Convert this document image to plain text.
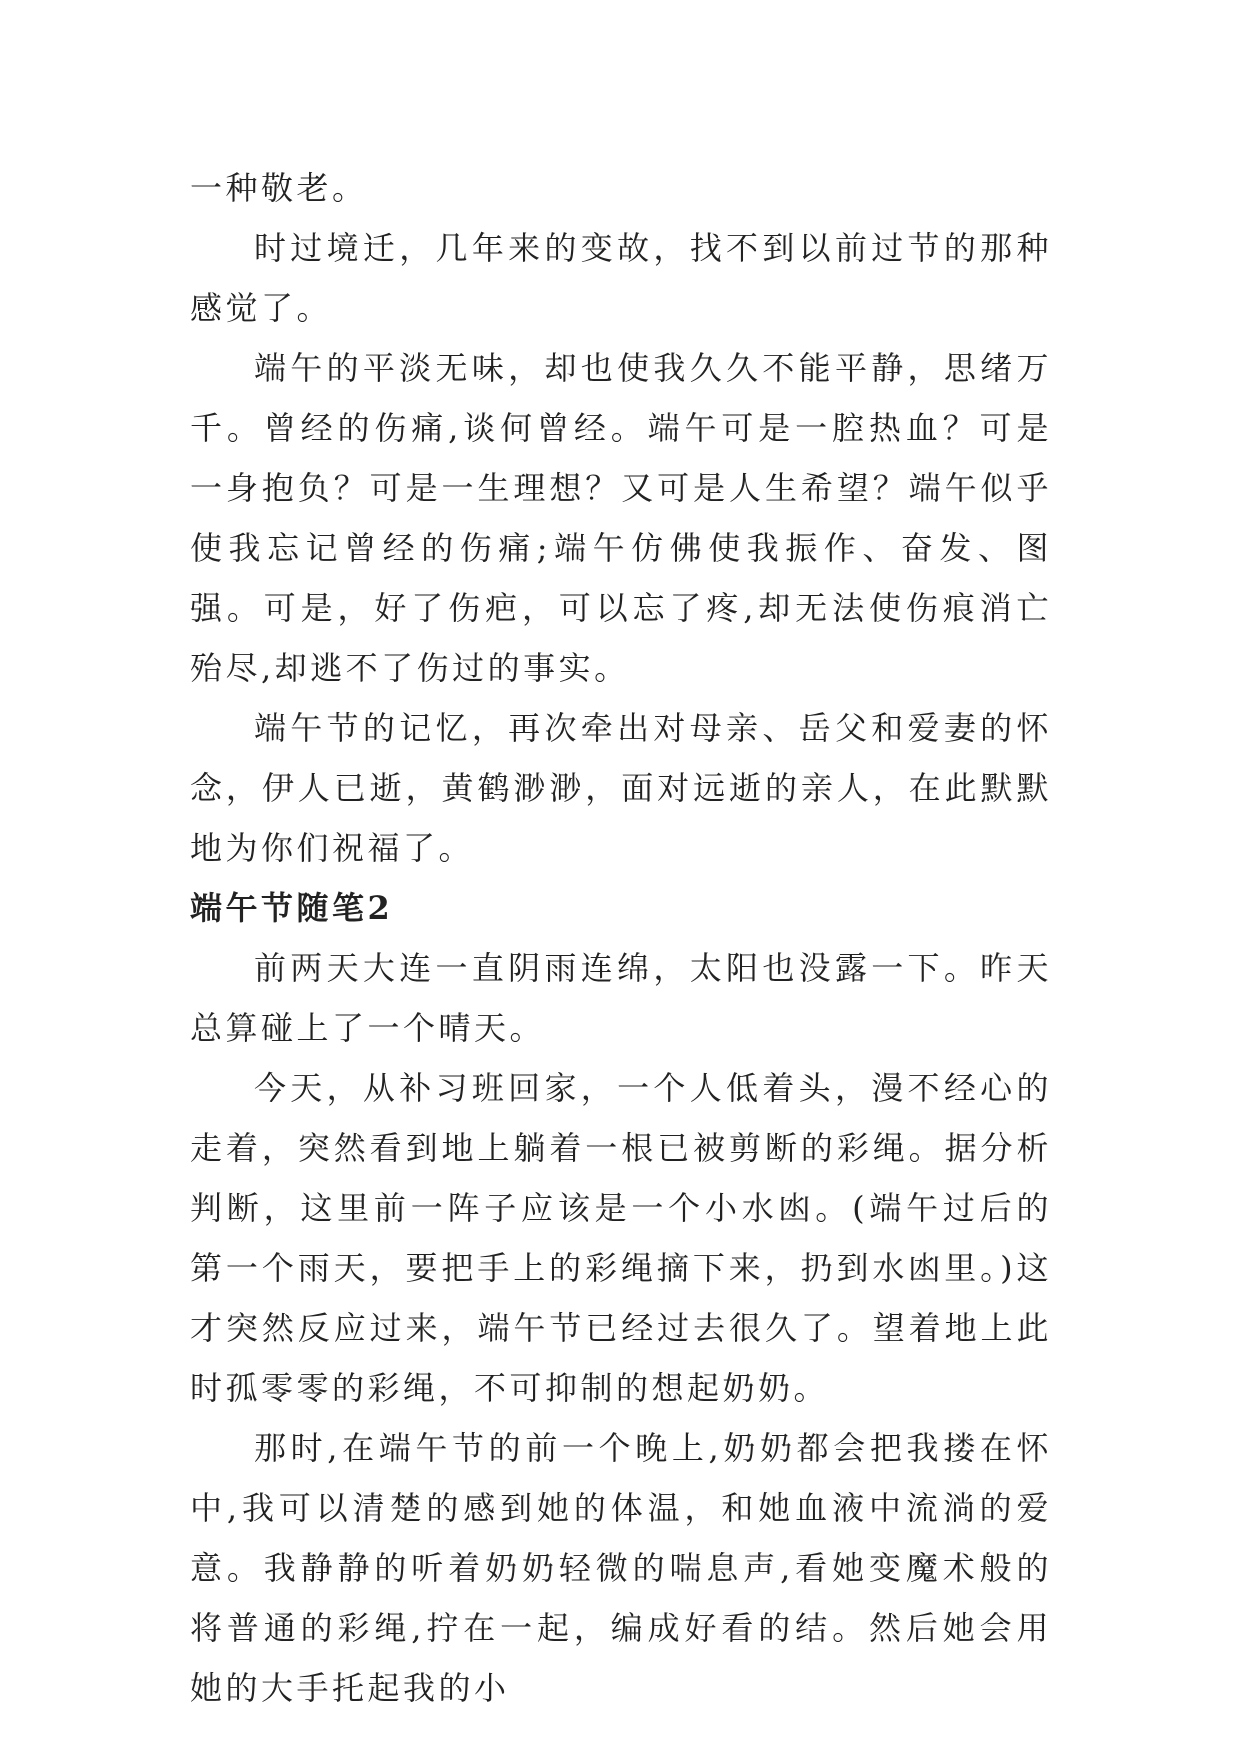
一种敬老。

时过境迁，几年来的变故，找不到以前过节的那种感觉了。

端午的平淡无味，却也使我久久不能平静，思绪万千。曾经的伤痛,谈何曾经。端午可是一腔热血？可是一身抱负？可是一生理想？又可是人生希望？端午似乎使我忘记曾经的伤痛;端午仿佛使我振作、奋发、图强。可是，好了伤疤，可以忘了疼,却无法使伤痕消亡殆尽,却逃不了伤过的事实。

端午节的记忆，再次牵出对母亲、岳父和爱妻的怀念，伊人已逝，黄鹤渺渺，面对远逝的亲人，在此默默地为你们祝福了。

端午节随笔2

前两天大连一直阴雨连绵，太阳也没露一下。昨天总算碰上了一个晴天。

今天，从补习班回家，一个人低着头，漫不经心的走着，突然看到地上躺着一根已被剪断的彩绳。据分析判断，这里前一阵子应该是一个小水凼。(端午过后的第一个雨天，要把手上的彩绳摘下来，扔到水凼里。)这才突然反应过来，端午节已经过去很久了。望着地上此时孤零零的彩绳，不可抑制的想起奶奶。

那时,在端午节的前一个晚上,奶奶都会把我搂在怀中,我可以清楚的感到她的体温，和她血液中流淌的爱意。我静静的听着奶奶轻微的喘息声,看她变魔术般的将普通的彩绳,拧在一起，编成好看的结。然后她会用她的大手托起我的小
